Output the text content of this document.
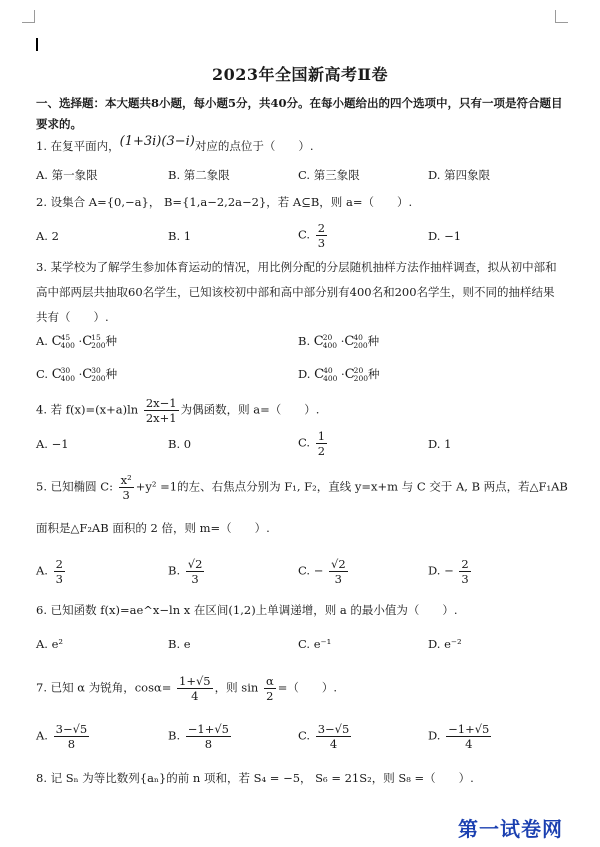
2023年全国新高考Ⅱ卷
一、选择题：本大题共8小题，每小题5分，共40分。在每小题给出的四个选项中，只有一项是符合题目要求的。
1. 在复平面内，(1+3i)(3−i)对应的点位于（　　）.
A. 第一象限	B. 第二象限	C. 第三象限	D. 第四象限
2. 设集合 A={0,−a}， B={1,a−2,2a−2}，若 A⊆B，则 a=（　　）.
A. 2	B. 1	C. $\frac{2}{3}$	D. −1
3. 某学校为了解学生参加体育运动的情况，用比例分配的分层随机抽样方法作抽样调查，拟从初中部和高中部两层共抽取60名学生，已知该校初中部和高中部分别有400名和200名学生，则不同的抽样结果共有（　　）.
A. C45
400 ·C15
200种	B. C20
400 ·C40
200种
C. C30
400 ·C30
200种	D. C40
400 ·C20
200种
4. 若 $f(x)=(x+a)\ln \frac{2x-1}{2x+1}$ 为偶函数，则 a=（　　）.
A. −1	B. 0	C. $\frac{1}{2}$	D. 1
5. 已知椭圆 C: $\frac{\text{x²}}{3} +y^2 =1$的左、右焦点分别为 F₁, F₂，直线 y=x+m 与 C 交于 A, B 两点，若△F₁AB
面积是△F₂AB 面积的 2 倍，则 m=（　　）.
A. $\frac{2}{3}$	B. $\frac{√2}{3}$	C. − $\frac{√2}{3}$	D. − $\frac{2}{3}$
6. 已知函数 f(x)=ae^x−ln x 在区间(1,2)上单调递增，则 a 的最小值为（　　）.
A. e²	B. e	C. e⁻¹	D. e⁻²
7. 已知 α 为锐角，$\cos\alpha= \frac{1+√5}{4}$ ，则 $\sin \frac{\alpha}{2}$ =（　　）.
A. $\frac{3-√5}{8}$	B. $\frac{-1+√5}{8}$	C. $\frac{3-√5}{4}$	D. $\frac{-1+√5}{4}$
8. 记 Sₙ 为等比数列{aₙ}的前 n 项和，若 S₄ = −5， S₆ = 21S₂，则 S₈ =（　　）.
第一试卷网
